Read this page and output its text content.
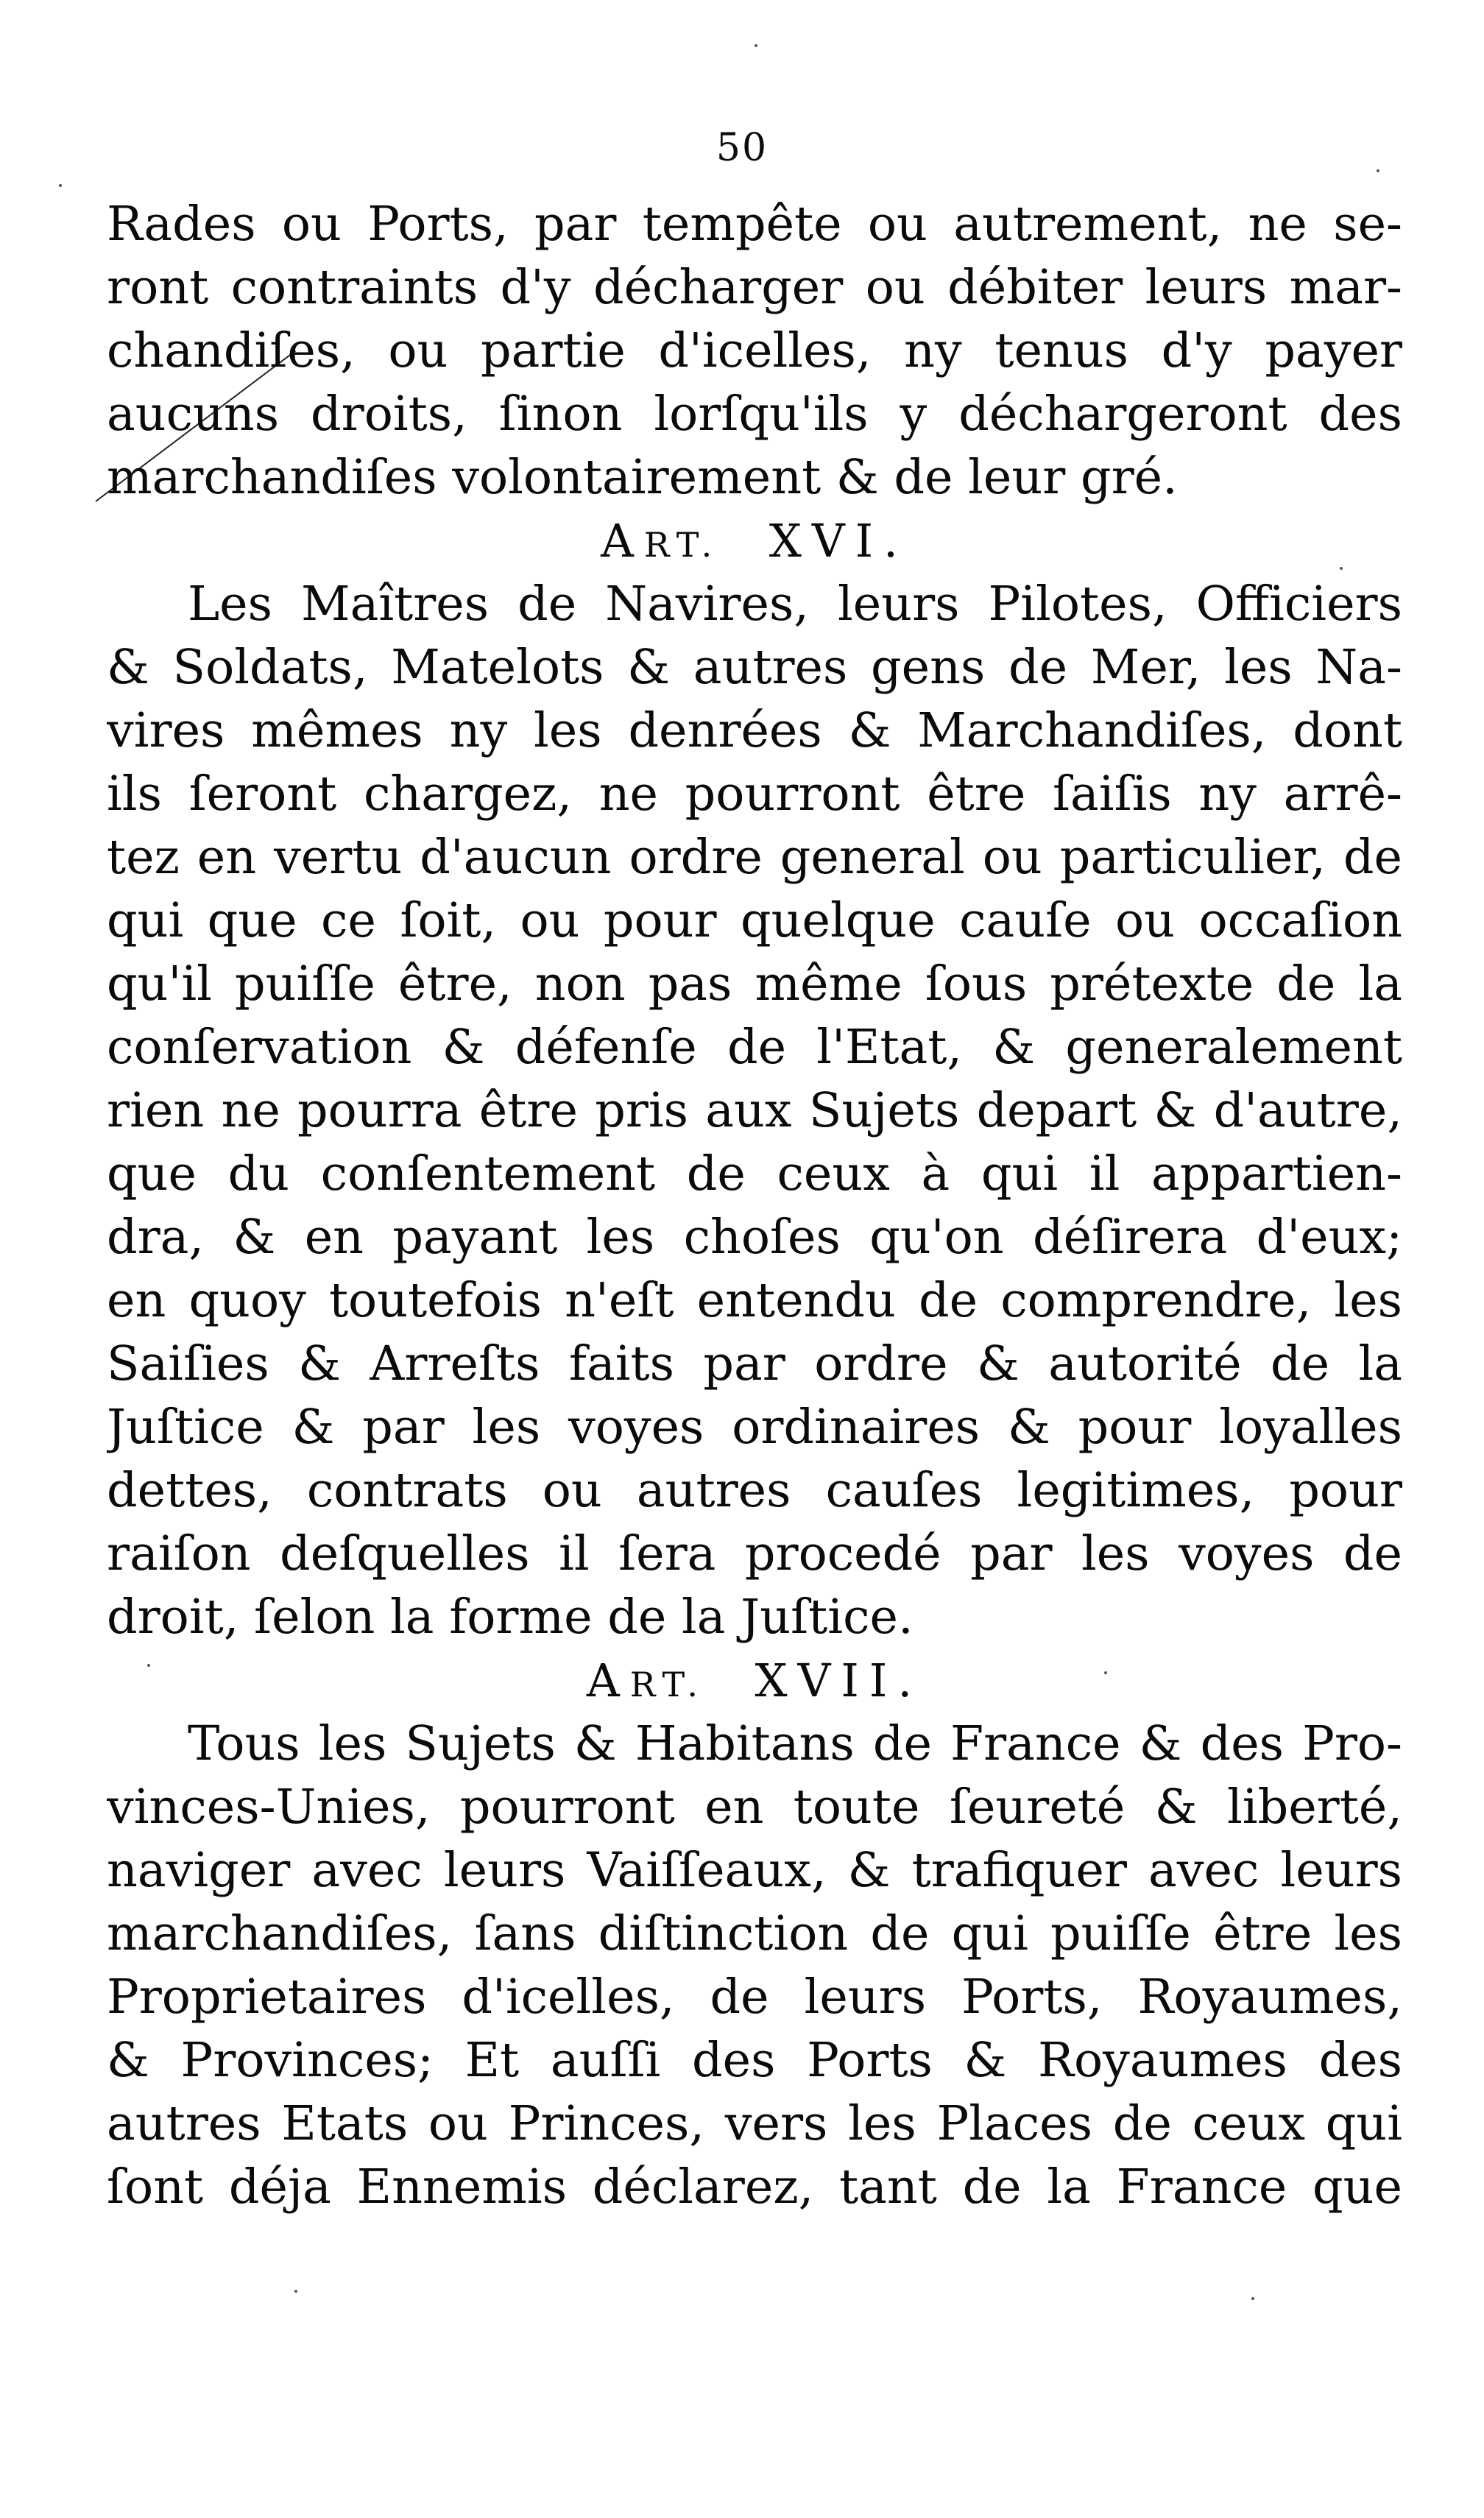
50
Rades ou Ports, par tempête ou autrement, ne se-
ront contraints d'y décharger ou débiter leurs mar-
chandiſes, ou partie d'icelles, ny tenus d'y payer
aucuns droits, ſinon lorſqu'ils y déchargeront des
marchandiſes volontairement & de leur gré.
ART. XVI.
Les Maîtres de Navires, leurs Pilotes, Officiers
& Soldats, Matelots & autres gens de Mer, les Na-
vires mêmes ny les denrées & Marchandiſes, dont
ils ſeront chargez, ne pourront être ſaiſis ny arrê-
tez en vertu d'aucun ordre general ou particulier, de
qui que ce ſoit, ou pour quelque cauſe ou occaſion
qu'il puiſſe être, non pas même ſous prétexte de la
conſervation & défenſe de l'Etat, & generalement
rien ne pourra être pris aux Sujets depart & d'autre,
que du conſentement de ceux à qui il appartien-
dra, & en payant les choſes qu'on déſirera d'eux;
en quoy toutefois n'eſt entendu de comprendre, les
Saiſies & Arreſts faits par ordre & autorité de la
Juſtice & par les voyes ordinaires & pour loyalles
dettes, contrats ou autres cauſes legitimes, pour
raiſon deſquelles il ſera procedé par les voyes de
droit, ſelon la forme de la Juſtice.
ART. XVII.
Tous les Sujets & Habitans de France & des Pro-
vinces-Unies, pourront en toute ſeureté & liberté,
naviger avec leurs Vaiſſeaux, & trafiquer avec leurs
marchandiſes, ſans diſtinction de qui puiſſe être les
Proprietaires d'icelles, de leurs Ports, Royaumes,
& Provinces; Et auſſi des Ports & Royaumes des
autres Etats ou Princes, vers les Places de ceux qui
ſont déja Ennemis déclarez, tant de la France que
